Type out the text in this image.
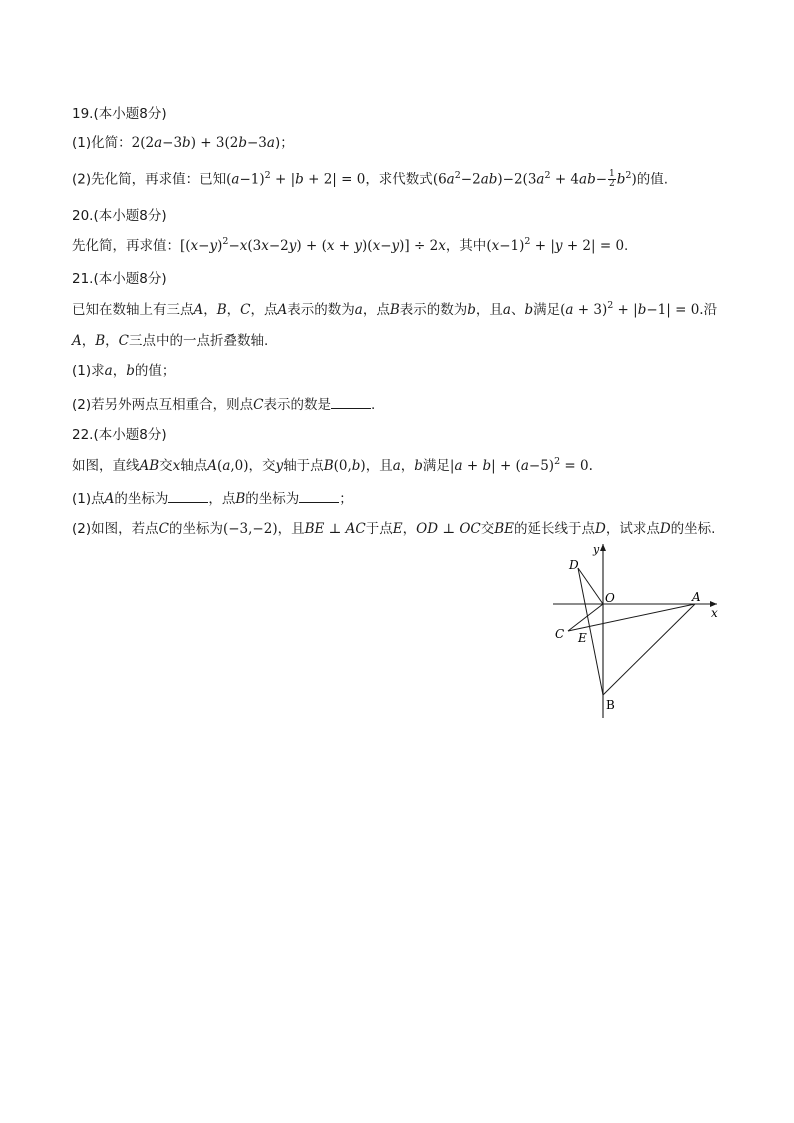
19.(本小题8分)
(1)化简：2(2a−3b) + 3(2b−3a)；
(2)先化简，再求值：已知$(a-1)^2 + |b + 2| = 0$，求代数式$(6a^2-2ab)-2(3a^2 + 4ab- \frac{1}{2} b^2)$的值.
20.(本小题8分)
先化简，再求值：$[(x-y)^2-x(3x-2y) + (x + y)(x-y)] \div 2x$，其中$(x-1)^2 + |y + 2| = 0$.
21.(本小题8分)
已知在数轴上有三点A，B，C，点A表示的数为a，点B表示的数为b，且a、b满足$(a + 3)^2 + |b-1| = 0$.沿
A，B，C三点中的一点折叠数轴.
(1)求a，b的值；
(2)若另外两点互相重合，则点C表示的数是	.
22.(本小题8分)
如图，直线AB交x轴点A(a,0)，交y轴于点B(0,b)，且a，b满足$|a + b| + (a-5)^2 = 0$.
(1)点A的坐标为	，点B的坐标为	；
(2)如图，若点C的坐标为(−3,−2)，且BE ⊥ AC于点E，OD ⊥ OC交BE的延长线于点D，试求点D的坐标.
y
x
O	A
B
C
D
E
